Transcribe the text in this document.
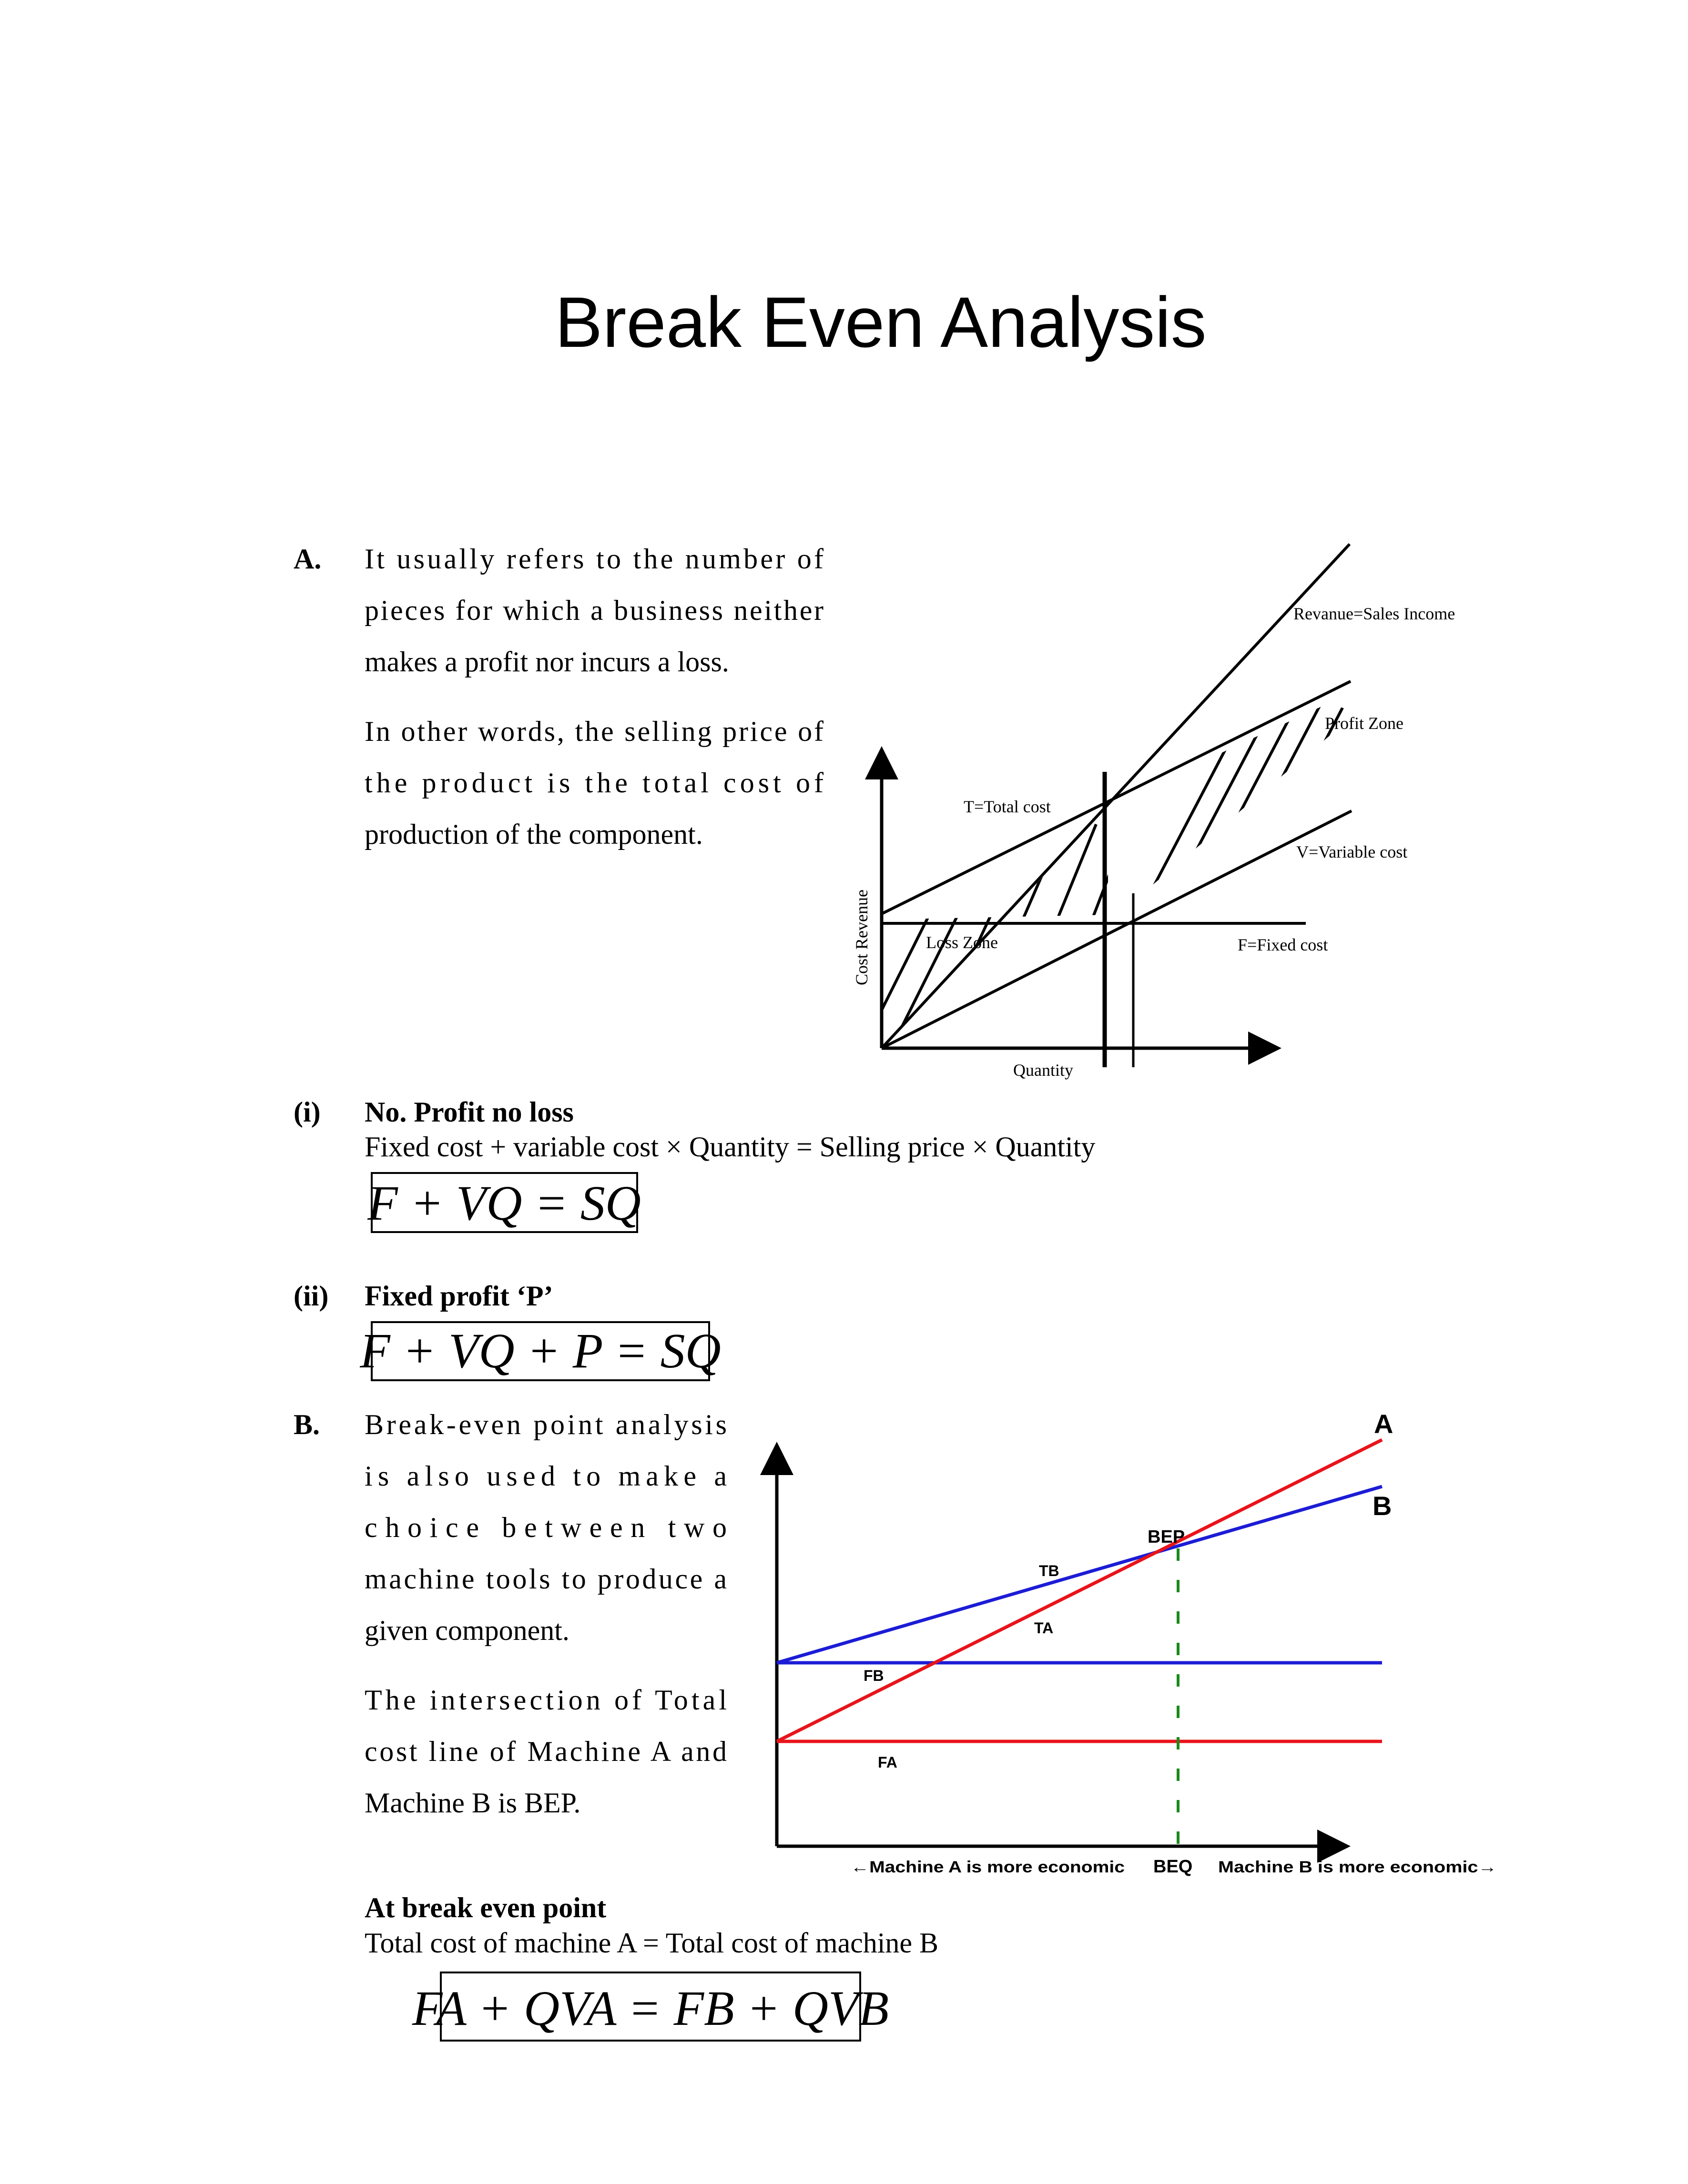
Break Even Analysis
A. It usually refers to the number of
pieces for which a business neither
makes a profit nor incurs a loss.
In other words, the selling price of
the product is the total cost of
production of the component.
Revanue=Sales Income
Profit Zone
T=Total cost
V=Variable cost
F=Fixed cost
Loss Zone
Quantity
Cost Revenue
(i) No. Profit no loss
Fixed cost + variable cost × Quantity = Selling price × Quantity
F + VQ = SQ
(ii) Fixed profit ‘P’
F + VQ + P = SQ
B. Break-even point analysis
is also used to make a
choice between two
machine tools to produce a
given component.
The intersection of Total
cost line of Machine A and
Machine B is BEP.
A
B
BEP
TB
TA
FB
FA
BEQ
←Machine A is more economic	Machine B is more economic→
At break even point
Total cost of machine A = Total cost of machine B
FA + QVA = FB + QVB
